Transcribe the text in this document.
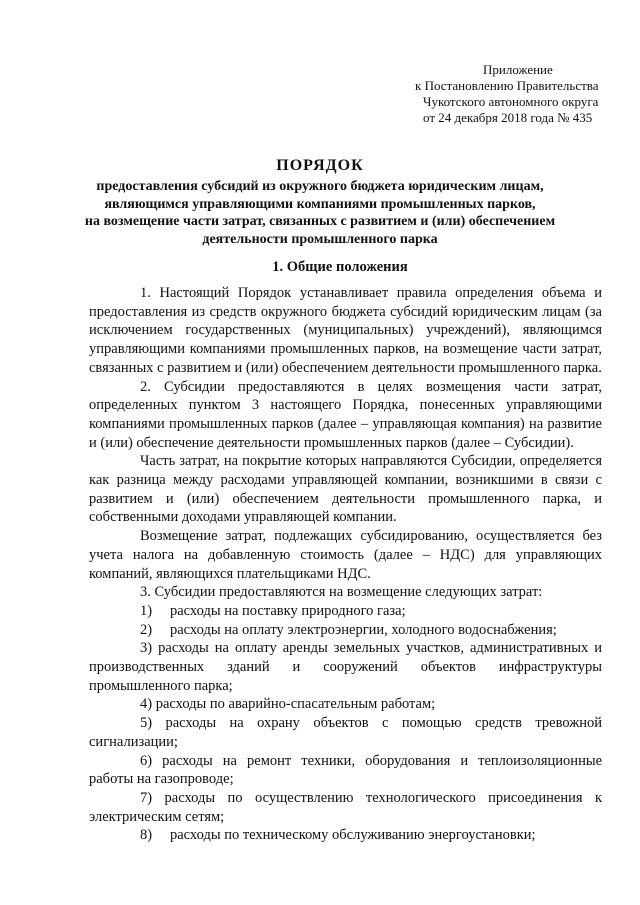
Приложение
к Постановлению Правительства
Чукотского автономного округа
от 24 декабря 2018 года № 435
ПОРЯДОК
предоставления субсидий из окружного бюджета юридическим лицам,
являющимся управляющими компаниями промышленных парков,
на возмещение части затрат, связанных с развитием и (или) обеспечением
деятельности промышленного парка
1. Общие положения

1. Настоящий Порядок устанавливает правила определения объема и предоставления из средств окружного бюджета субсидий юридическим лицам (за исключением государственных (муниципальных) учреждений), являющимся управляющими компаниями промышленных парков, на возмещение части затрат, связанных с развитием и (или) обеспечением деятельности промышленного парка.

2. Субсидии предоставляются в целях возмещения части затрат, определенных пунктом 3 настоящего Порядка, понесенных управляющими компаниями промышленных парков (далее – управляющая компания) на развитие и (или) обеспечение деятельности промышленных парков (далее – Субсидии).

Часть затрат, на покрытие которых направляются Субсидии, определяется как разница между расходами управляющей компании, возникшими в связи с развитием и (или) обеспечением деятельности промышленного парка, и собственными доходами управляющей компании.

Возмещение затрат, подлежащих субсидированию, осуществляется без учета налога на добавленную стоимость (далее – НДС) для управляющих компаний, являющихся плательщиками НДС.

3. Субсидии предоставляются на возмещение следующих затрат:

1) расходы на поставку природного газа;

2) расходы на оплату электроэнергии, холодного водоснабжения;

3) расходы на оплату аренды земельных участков, административных и производственных зданий и сооружений объектов инфраструктуры промышленного парка;

4) расходы по аварийно-спасательным работам;

5) расходы на охрану объектов с помощью средств тревожной сигнализации;

6) расходы на ремонт техники, оборудования и теплоизоляционные работы на газопроводе;

7) расходы по осуществлению технологического присоединения к электрическим сетям;

8) расходы по техническому обслуживанию энергоустановки;
